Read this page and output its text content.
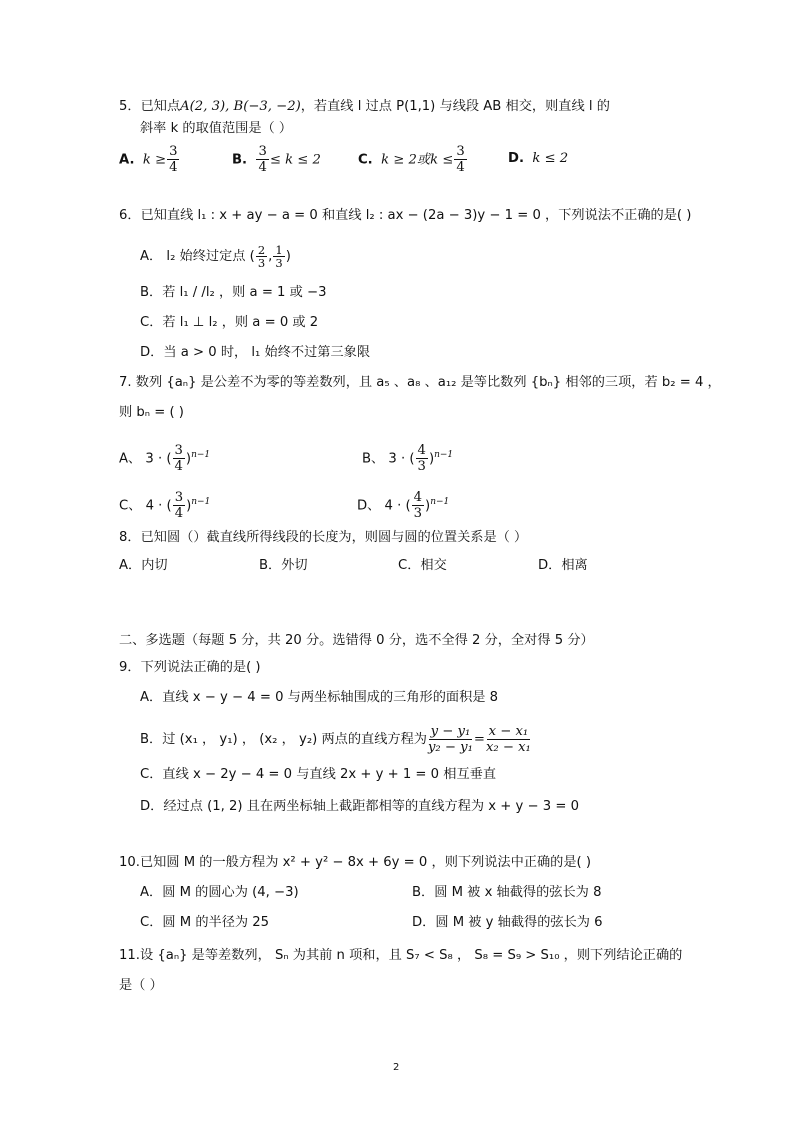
5．已知点A(2, 3), B(−3, −2)，若直线 l 过点 P(1,1) 与线段 AB 相交，则直线 l 的
斜率 k 的取值范围是（ ）
A. $k \ge \frac{3}{4}$	B. $\frac{3}{4} \le k \le 2$	C. k ≥ 2或$k \le \frac{3}{4}$	D. k ≤ 2
6．已知直线 l₁ : x + ay − a = 0 和直线 l₂ : ax − (2a − 3)y − 1 = 0 ，下列说法不正确的是( )
A． l₂ 始终过定点 ( $\frac{2}{3}$ , $\frac{1}{3}$ )
B．若 l₁ / /l₂ ，则 a = 1 或 −3
C．若 l₁ ⊥ l₂ ，则 a = 0 或 2
D．当 a > 0 时， l₁ 始终不过第三象限
7. 数列 {aₙ} 是公差不为零的等差数列，且 a₅ 、a₈ 、a₁₂ 是等比数列 {bₙ} 相邻的三项，若 b₂ = 4 ，
则 bₙ = ( )
A、 3 · ( $\frac{3}{4} )^{n-1}$	B、 3 · ( $\frac{4}{3} )^{n-1}$
C、 4 · ( $\frac{3}{4} )^{n-1}$	D、 4 · ( $\frac{4}{3} )^{n-1}$
8．已知圆（）截直线所得线段的长度为，则圆与圆的位置关系是（ ）
A．内切	B．外切	C．相交	D．相离
二、多选题（每题 5 分，共 20 分。选错得 0 分，选不全得 2 分，全对得 5 分）
9．下列说法正确的是( )
A．直线 x − y − 4 = 0 与两坐标轴围成的三角形的面积是 8
B．过 (x₁ ， y₁) ， (x₂ ， y₂) 两点的直线方程为 $\frac{\text{y − y₁}}{\text{y₂ − y₁}} = \frac{\text{x − x₁}}{\text{x₂ − x₁}}$
C．直线 x − 2y − 4 = 0 与直线 2x + y + 1 = 0 相互垂直
D．经过点 (1, 2) 且在两坐标轴上截距都相等的直线方程为 x + y − 3 = 0
10.已知圆 M 的一般方程为 x² + y² − 8x + 6y = 0 ，则下列说法中正确的是( )
A．圆 M 的圆心为 (4, −3)	B．圆 M 被 x 轴截得的弦长为 8
C．圆 M 的半径为 25	D．圆 M 被 y 轴截得的弦长为 6
11.设 {aₙ} 是等差数列， Sₙ 为其前 n 项和，且 S₇ < S₈ ， S₈ = S₉ > S₁₀ ，则下列结论正确的
是（ ）
2
